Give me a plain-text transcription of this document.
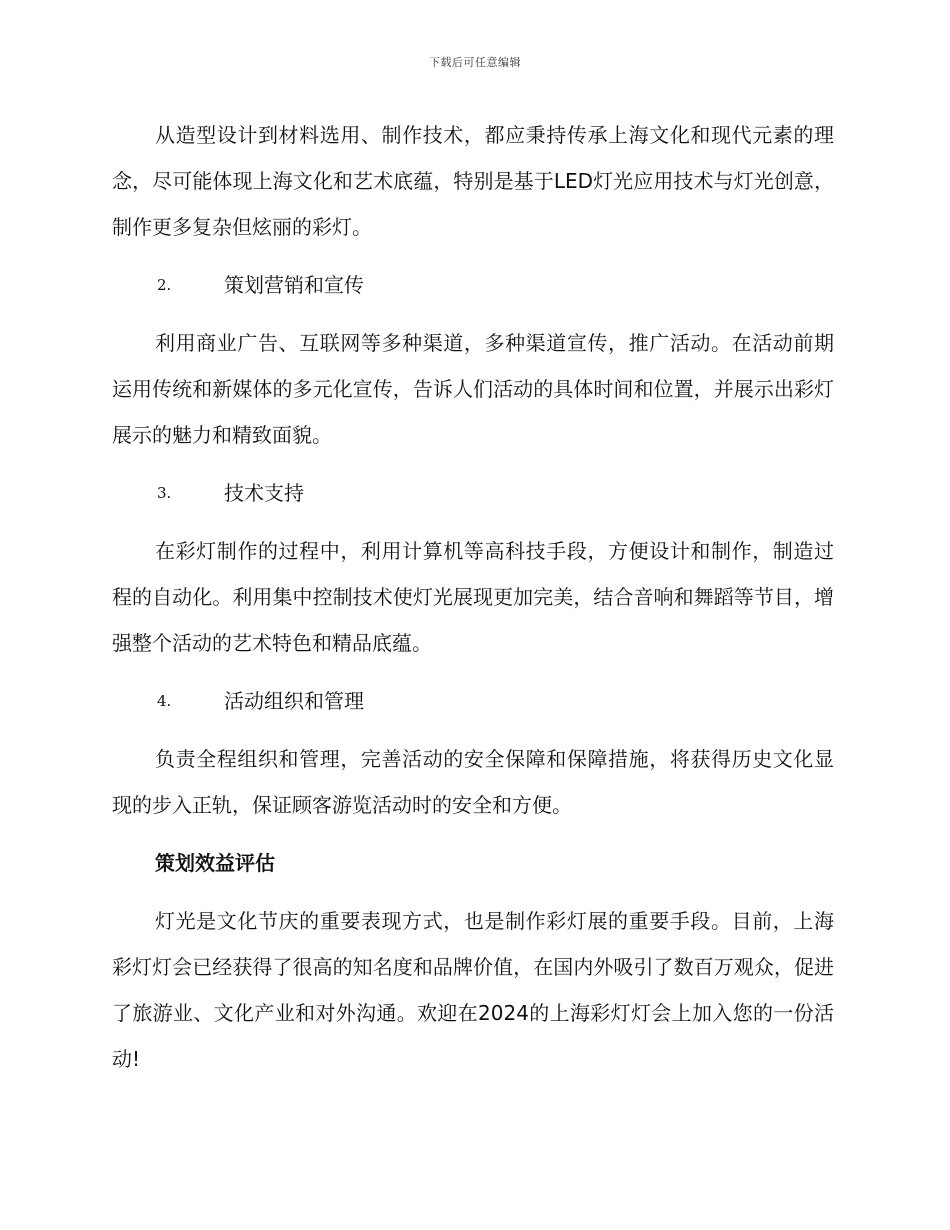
下载后可任意编辑

从造型设计到材料选用、制作技术，都应秉持传承上海文化和现代元素的理念，尽可能体现上海文化和艺术底蕴，特别是基于LED灯光应用技术与灯光创意，制作更多复杂但炫丽的彩灯。

2.	策划营销和宣传

利用商业广告、互联网等多种渠道，多种渠道宣传，推广活动。在活动前期运用传统和新媒体的多元化宣传，告诉人们活动的具体时间和位置，并展示出彩灯展示的魅力和精致面貌。

3.	技术支持

在彩灯制作的过程中，利用计算机等高科技手段，方便设计和制作，制造过程的自动化。利用集中控制技术使灯光展现更加完美，结合音响和舞蹈等节目，增强整个活动的艺术特色和精品底蕴。

4.	活动组织和管理

负责全程组织和管理，完善活动的安全保障和保障措施，将获得历史文化显现的步入正轨，保证顾客游览活动时的安全和方便。

策划效益评估

灯光是文化节庆的重要表现方式，也是制作彩灯展的重要手段。目前，上海彩灯灯会已经获得了很高的知名度和品牌价值，在国内外吸引了数百万观众，促进了旅游业、文化产业和对外沟通。欢迎在2024的上海彩灯灯会上加入您的一份活动!
